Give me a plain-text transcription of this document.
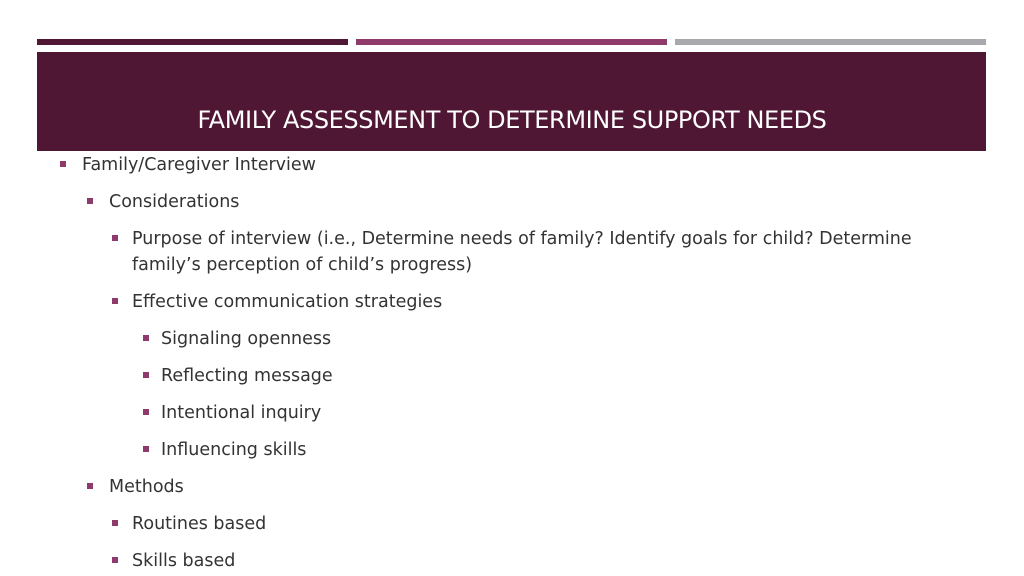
FAMILY ASSESSMENT TO DETERMINE SUPPORT NEEDS
Family/Caregiver Interview
Considerations
Purpose of interview (i.e., Determine needs of family? Identify goals for child? Determine family’s perception of child’s progress)
Effective communication strategies
Signaling openness
Reflecting message
Intentional inquiry
Influencing skills
Methods
Routines based
Skills based
